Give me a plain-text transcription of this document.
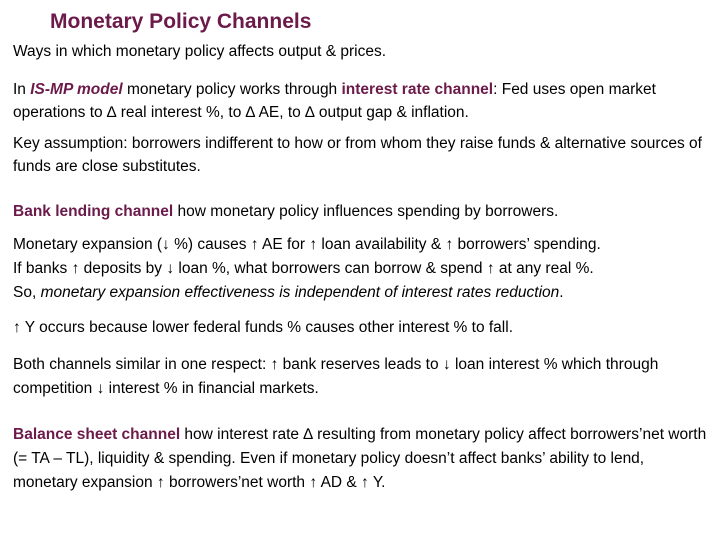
Monetary Policy Channels
Ways in which monetary policy affects output & prices.
In IS-MP model monetary policy works through interest rate channel: Fed uses open market operations to ∆ real interest %, to ∆ AE, to ∆ output gap & inflation.
Key assumption: borrowers indifferent to how or from whom they raise funds & alternative sources of funds are close substitutes.
Bank lending channel how monetary policy influences spending by borrowers.
Monetary expansion (↓ %) causes ↑ AE for ↑ loan availability & ↑ borrowers’ spending.
If banks ↑ deposits by ↓ loan %, what borrowers can borrow & spend ↑ at any real %.
So, monetary expansion effectiveness is independent of interest rates reduction.
↑ Y occurs because lower federal funds % causes other interest % to fall.
Both channels similar in one respect: ↑ bank reserves leads to ↓ loan interest % which through competition ↓ interest % in financial markets.
Balance sheet channel how interest rate ∆ resulting from monetary policy affect borrowers’net worth (= TA – TL), liquidity & spending. Even if monetary policy doesn’t affect banks’ ability to lend, monetary expansion ↑ borrowers’net worth ↑ AD & ↑ Y.
